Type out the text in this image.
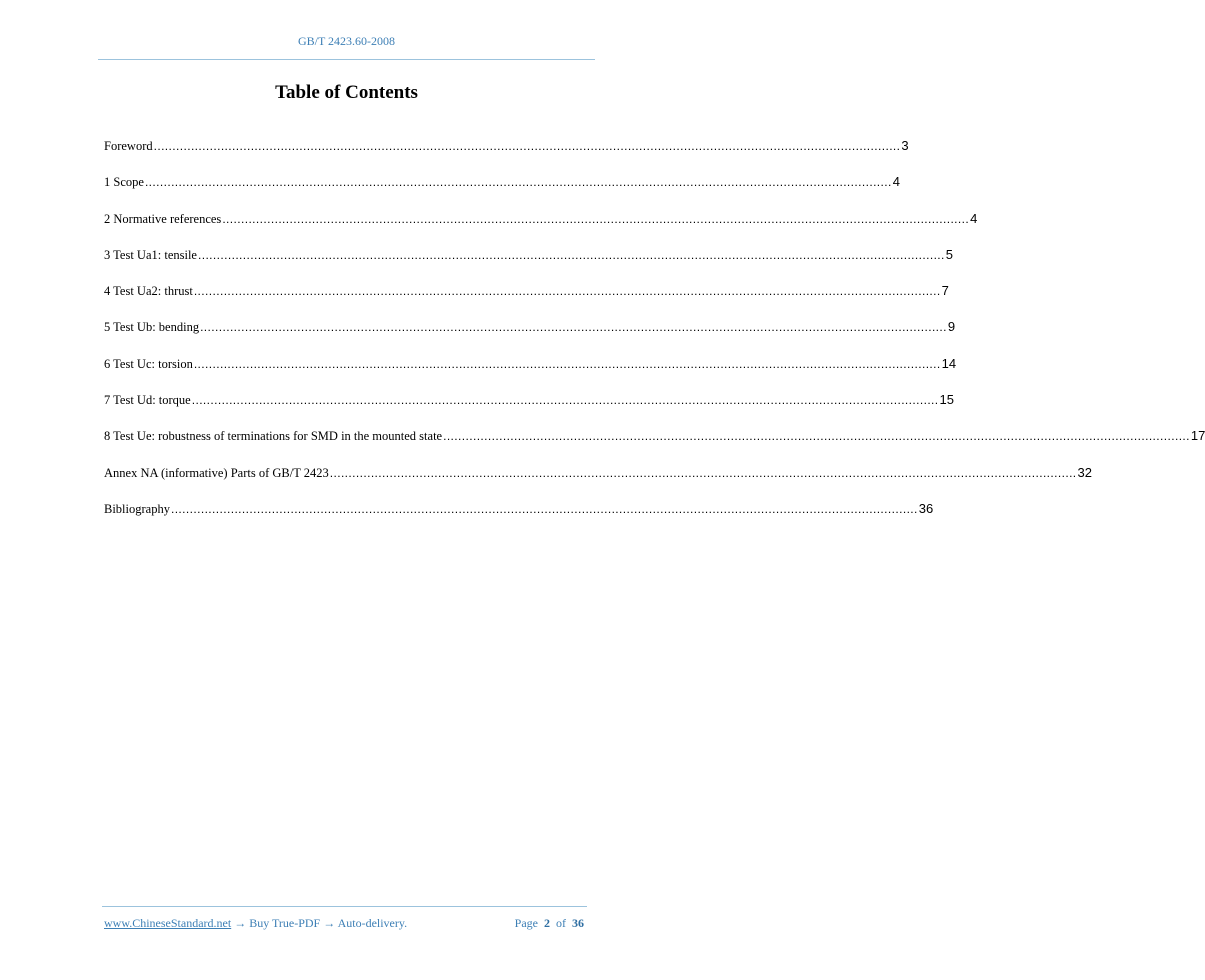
GB/T 2423.60-2008
Table of Contents
Foreword ........................................................................................................................................................................................................ 3
1 Scope ........................................................................................................................................................................................................ 4
2 Normative references ........................................................................................................................................................................................................ 4
3 Test Ua1: tensile ........................................................................................................................................................................................................ 5
4 Test Ua2: thrust ........................................................................................................................................................................................................ 7
5 Test Ub: bending ........................................................................................................................................................................................................ 9
6 Test Uc: torsion ........................................................................................................................................................................................................ 14
7 Test Ud: torque ........................................................................................................................................................................................................ 15
8 Test Ue: robustness of terminations for SMD in the mounted state ........................................................................................................................................................................................................ 17
Annex NA (informative) Parts of GB/T 2423 ........................................................................................................................................................................................................ 32
Bibliography ........................................................................................................................................................................................................ 36
www.ChineseStandard.net → Buy True-PDF → Auto-delivery.	Page 2 of 36
